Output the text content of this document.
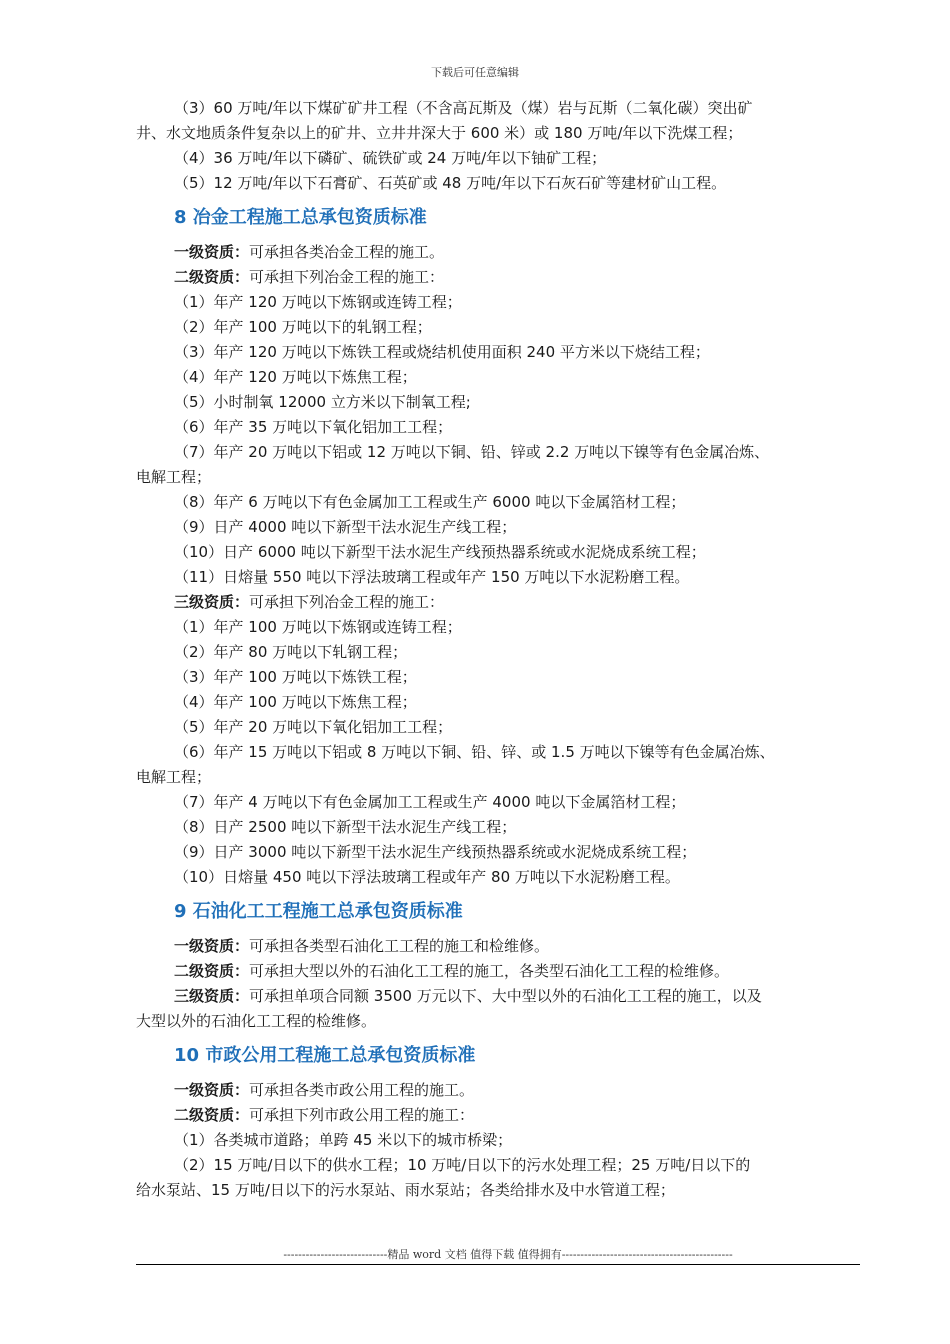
下载后可任意编辑
（3）60 万吨/年以下煤矿矿井工程（不含高瓦斯及（煤）岩与瓦斯（二氧化碳）突出矿
井、水文地质条件复杂以上的矿井、立井井深大于 600 米）或 180 万吨/年以下洗煤工程；
（4）36 万吨/年以下磷矿、硫铁矿或 24 万吨/年以下铀矿工程；
（5）12 万吨/年以下石膏矿、石英矿或 48 万吨/年以下石灰石矿等建材矿山工程。
8 冶金工程施工总承包资质标准
一级资质：可承担各类冶金工程的施工。
二级资质：可承担下列冶金工程的施工：
（1）年产 120 万吨以下炼钢或连铸工程；
（2）年产 100 万吨以下的轧钢工程；
（3）年产 120 万吨以下炼铁工程或烧结机使用面积 240 平方米以下烧结工程；
（4）年产 120 万吨以下炼焦工程；
（5）小时制氧 12000 立方米以下制氧工程;
（6）年产 35 万吨以下氧化铝加工工程；
（7）年产 20 万吨以下铝或 12 万吨以下铜、铅、锌或 2.2 万吨以下镍等有色金属冶炼、
电解工程；
（8）年产 6 万吨以下有色金属加工工程或生产 6000 吨以下金属箔材工程；
（9）日产 4000 吨以下新型干法水泥生产线工程；
（10）日产 6000 吨以下新型干法水泥生产线预热器系统或水泥烧成系统工程；
（11）日熔量 550 吨以下浮法玻璃工程或年产 150 万吨以下水泥粉磨工程。
三级资质：可承担下列冶金工程的施工：
（1）年产 100 万吨以下炼钢或连铸工程；
（2）年产 80 万吨以下轧钢工程；
（3）年产 100 万吨以下炼铁工程；
（4）年产 100 万吨以下炼焦工程；
（5）年产 20 万吨以下氧化铝加工工程；
（6）年产 15 万吨以下铝或 8 万吨以下铜、铅、锌、或 1.5 万吨以下镍等有色金属冶炼、
电解工程；
（7）年产 4 万吨以下有色金属加工工程或生产 4000 吨以下金属箔材工程；
（8）日产 2500 吨以下新型干法水泥生产线工程；
（9）日产 3000 吨以下新型干法水泥生产线预热器系统或水泥烧成系统工程；
（10）日熔量 450 吨以下浮法玻璃工程或年产 80 万吨以下水泥粉磨工程。
9 石油化工工程施工总承包资质标准
一级资质：可承担各类型石油化工工程的施工和检维修。
二级资质：可承担大型以外的石油化工工程的施工，各类型石油化工工程的检维修。
三级资质：可承担单项合同额 3500 万元以下、大中型以外的石油化工工程的施工，以及
大型以外的石油化工工程的检维修。
10 市政公用工程施工总承包资质标准
一级资质：可承担各类市政公用工程的施工。
二级资质：可承担下列市政公用工程的施工：
（1）各类城市道路；单跨 45 米以下的城市桥梁；
（2）15 万吨/日以下的供水工程；10 万吨/日以下的污水处理工程；25 万吨/日以下的
给水泵站、15 万吨/日以下的污水泵站、雨水泵站；各类给排水及中水管道工程；
----------------------------精品 word 文档 值得下载 值得拥有----------------------------------------------
